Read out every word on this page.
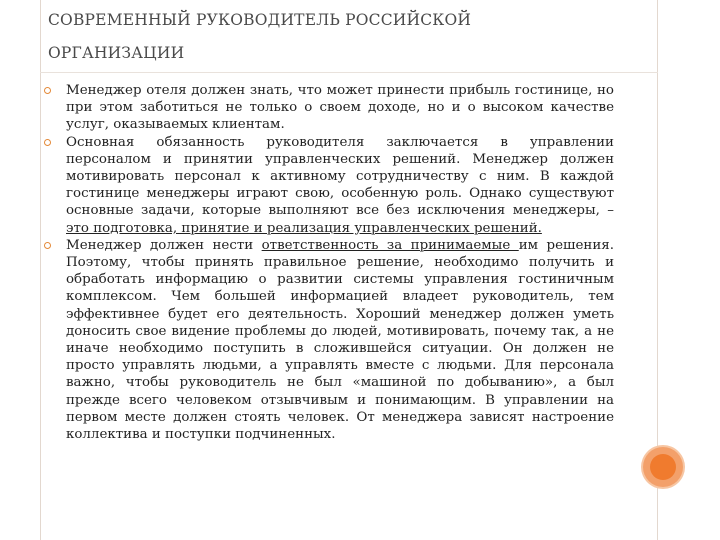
СОВРЕМЕННЫЙ РУКОВОДИТЕЛЬ РОССИЙСКОЙ ОРГАНИЗАЦИИ
Менеджер отеля должен знать, что может принести прибыль гостинице, но при этом заботиться не только о своем доходе, но и о высоком качестве услуг, оказываемых клиентам.
Основная обязанность руководителя заключается в управлении персоналом и принятии управленческих решений. Менеджер должен мотивировать персонал к активному сотрудничеству с ним. В каждой гостинице менеджеры играют свою, особенную роль. Однако существуют основные задачи, которые выполняют все без исключения менеджеры, – это подготовка, принятие и реализация управленческих решений.
Менеджер должен нести ответственность за принимаемые им решения. Поэтому, чтобы принять правильное решение, необходимо получить и обработать информацию о развитии системы управления гостиничным комплексом. Чем большей информацией владеет руководитель, тем эффективнее будет его деятельность. Хороший менеджер должен уметь доносить свое видение проблемы до людей, мотивировать, почему так, а не иначе необходимо поступить в сложившейся ситуации. Он должен не просто управлять людьми, а управлять вместе с людьми. Для персонала важно, чтобы руководитель не был «машиной по добыванию», а был прежде всего человеком отзывчивым и понимающим. В управлении на первом месте должен стоять человек. От менеджера зависят настроение коллектива и поступки подчиненных.
